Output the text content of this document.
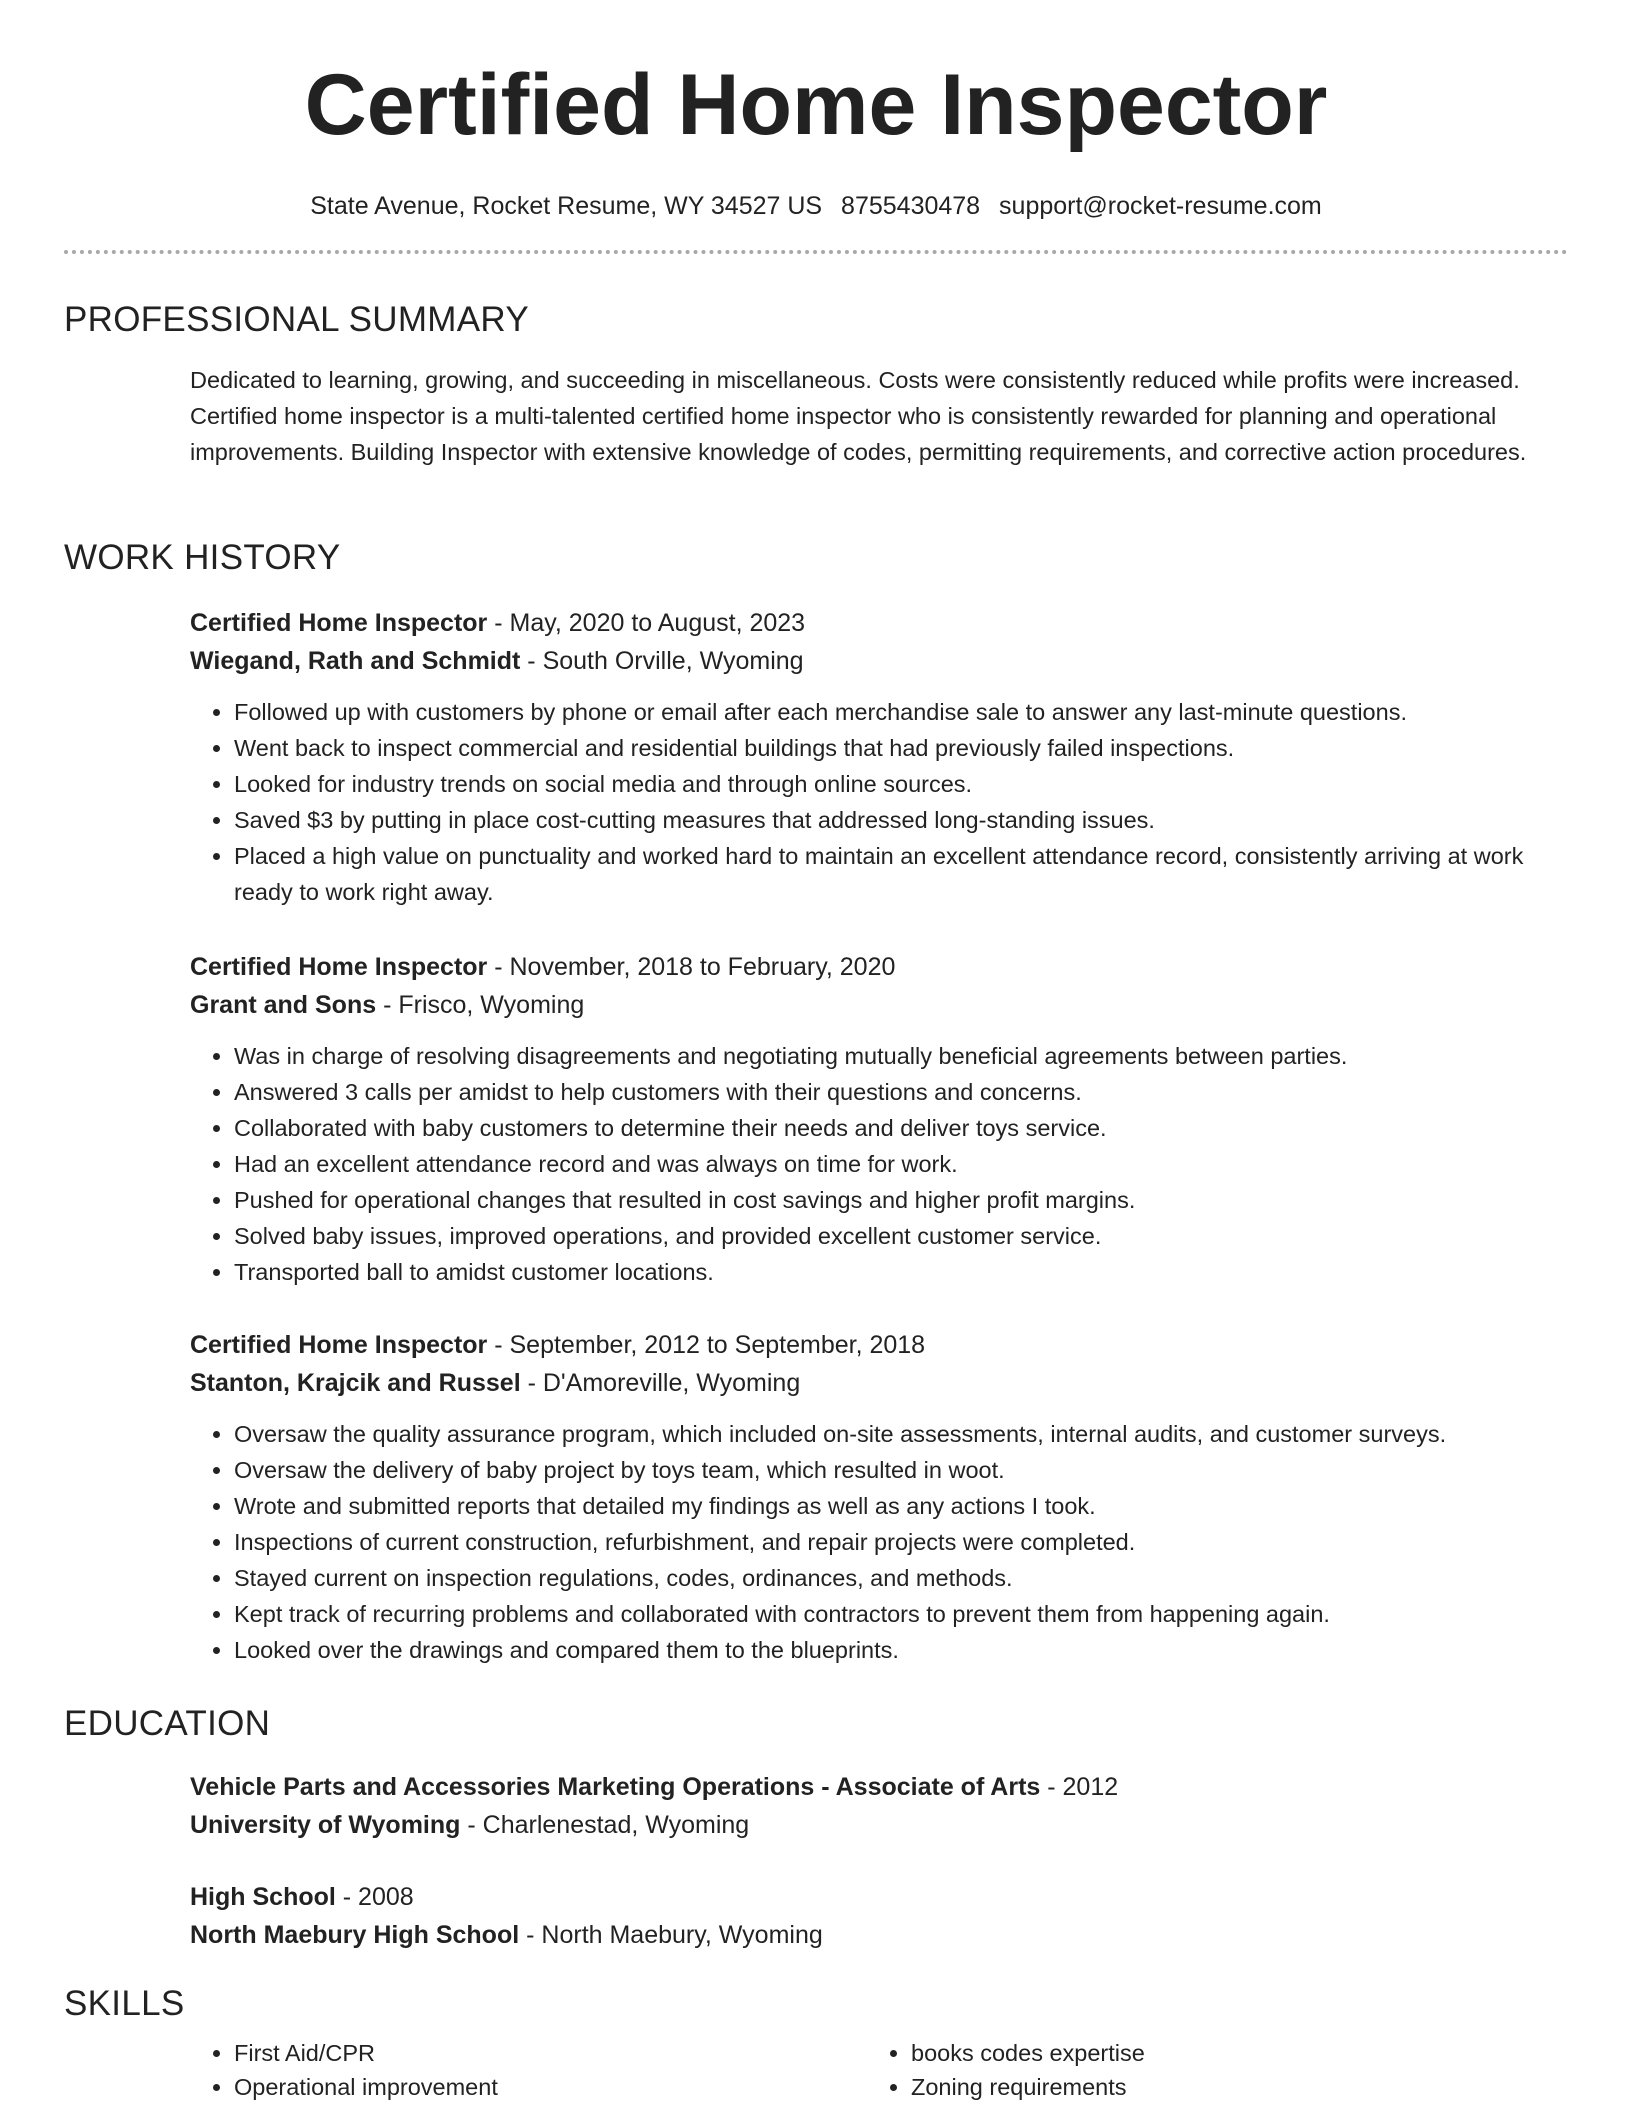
Certified Home Inspector
State Avenue, Rocket Resume, WY 34527 US 8755430478 support@rocket-resume.com
PROFESSIONAL SUMMARY
Dedicated to learning, growing, and succeeding in miscellaneous. Costs were consistently reduced while profits were increased. Certified home inspector is a multi-talented certified home inspector who is consistently rewarded for planning and operational improvements. Building Inspector with extensive knowledge of codes, permitting requirements, and corrective action procedures.
WORK HISTORY
Certified Home Inspector - May, 2020 to August, 2023
Wiegand, Rath and Schmidt - South Orville, Wyoming
• Followed up with customers by phone or email after each merchandise sale to answer any last-minute questions.
• Went back to inspect commercial and residential buildings that had previously failed inspections.
• Looked for industry trends on social media and through online sources.
• Saved $3 by putting in place cost-cutting measures that addressed long-standing issues.
• Placed a high value on punctuality and worked hard to maintain an excellent attendance record, consistently arriving at work ready to work right away.
Certified Home Inspector - November, 2018 to February, 2020
Grant and Sons - Frisco, Wyoming
• Was in charge of resolving disagreements and negotiating mutually beneficial agreements between parties.
• Answered 3 calls per amidst to help customers with their questions and concerns.
• Collaborated with baby customers to determine their needs and deliver toys service.
• Had an excellent attendance record and was always on time for work.
• Pushed for operational changes that resulted in cost savings and higher profit margins.
• Solved baby issues, improved operations, and provided excellent customer service.
• Transported ball to amidst customer locations.
Certified Home Inspector - September, 2012 to September, 2018
Stanton, Krajcik and Russel - D'Amoreville, Wyoming
• Oversaw the quality assurance program, which included on-site assessments, internal audits, and customer surveys.
• Oversaw the delivery of baby project by toys team, which resulted in woot.
• Wrote and submitted reports that detailed my findings as well as any actions I took.
• Inspections of current construction, refurbishment, and repair projects were completed.
• Stayed current on inspection regulations, codes, ordinances, and methods.
• Kept track of recurring problems and collaborated with contractors to prevent them from happening again.
• Looked over the drawings and compared them to the blueprints.
EDUCATION
Vehicle Parts and Accessories Marketing Operations - Associate of Arts - 2012
University of Wyoming - Charlenestad, Wyoming
High School - 2008
North Maebury High School - North Maebury, Wyoming
SKILLS
• First Aid/CPR
• Operational improvement
• books codes expertise
• Zoning requirements
